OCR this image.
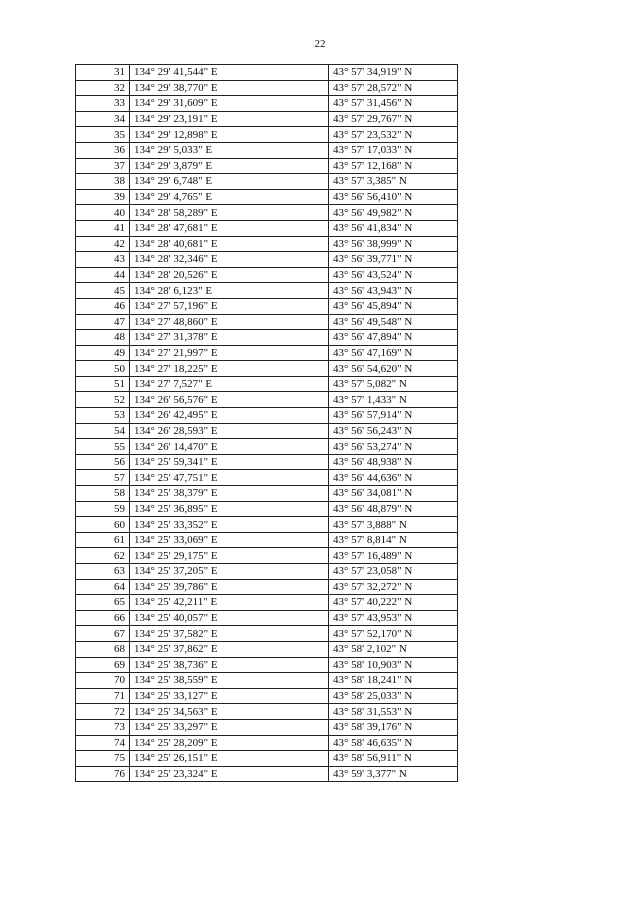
22
31	134° 29' 41,544" E	43° 57' 34,919" N
32	134° 29' 38,770" E	43° 57' 28,572" N
33	134° 29' 31,609" E	43° 57' 31,456" N
34	134° 29' 23,191" E	43° 57' 29,767" N
35	134° 29' 12,898" E	43° 57' 23,532" N
36	134° 29' 5,033" E	43° 57' 17,033" N
37	134° 29' 3,879" E	43° 57' 12,168" N
38	134° 29' 6,748" E	43° 57' 3,385" N
39	134° 29' 4,765" E	43° 56' 56,410" N
40	134° 28' 58,289" E	43° 56' 49,982" N
41	134° 28' 47,681" E	43° 56' 41,834" N
42	134° 28' 40,681" E	43° 56' 38,999" N
43	134° 28' 32,346" E	43° 56' 39,771" N
44	134° 28' 20,526" E	43° 56' 43,524" N
45	134° 28' 6,123" E	43° 56' 43,943" N
46	134° 27' 57,196" E	43° 56' 45,894" N
47	134° 27' 48,860" E	43° 56' 49,548" N
48	134° 27' 31,378" E	43° 56' 47,894" N
49	134° 27' 21,997" E	43° 56' 47,169" N
50	134° 27' 18,225" E	43° 56' 54,620" N
51	134° 27' 7,527" E	43° 57' 5,082" N
52	134° 26' 56,576" E	43° 57' 1,433" N
53	134° 26' 42,495" E	43° 56' 57,914" N
54	134° 26' 28,593" E	43° 56' 56,243" N
55	134° 26' 14,470" E	43° 56' 53,274" N
56	134° 25' 59,341" E	43° 56' 48,938" N
57	134° 25' 47,751" E	43° 56' 44,636" N
58	134° 25' 38,379" E	43° 56' 34,081" N
59	134° 25' 36,895" E	43° 56' 48,879" N
60	134° 25' 33,352" E	43° 57' 3,888" N
61	134° 25' 33,069" E	43° 57' 8,814" N
62	134° 25' 29,175" E	43° 57' 16,489" N
63	134° 25' 37,205" E	43° 57' 23,058" N
64	134° 25' 39,786" E	43° 57' 32,272" N
65	134° 25' 42,211" E	43° 57' 40,222" N
66	134° 25' 40,057" E	43° 57' 43,953" N
67	134° 25' 37,582" E	43° 57' 52,170" N
68	134° 25' 37,862" E	43° 58' 2,102" N
69	134° 25' 38,736" E	43° 58' 10,903" N
70	134° 25' 38,559" E	43° 58' 18,241" N
71	134° 25' 33,127" E	43° 58' 25,033" N
72	134° 25' 34,563" E	43° 58' 31,553" N
73	134° 25' 33,297" E	43° 58' 39,176" N
74	134° 25' 28,209" E	43° 58' 46,635" N
75	134° 25' 26,151" E	43° 58' 56,911" N
76	134° 25' 23,324" E	43° 59' 3,377" N
